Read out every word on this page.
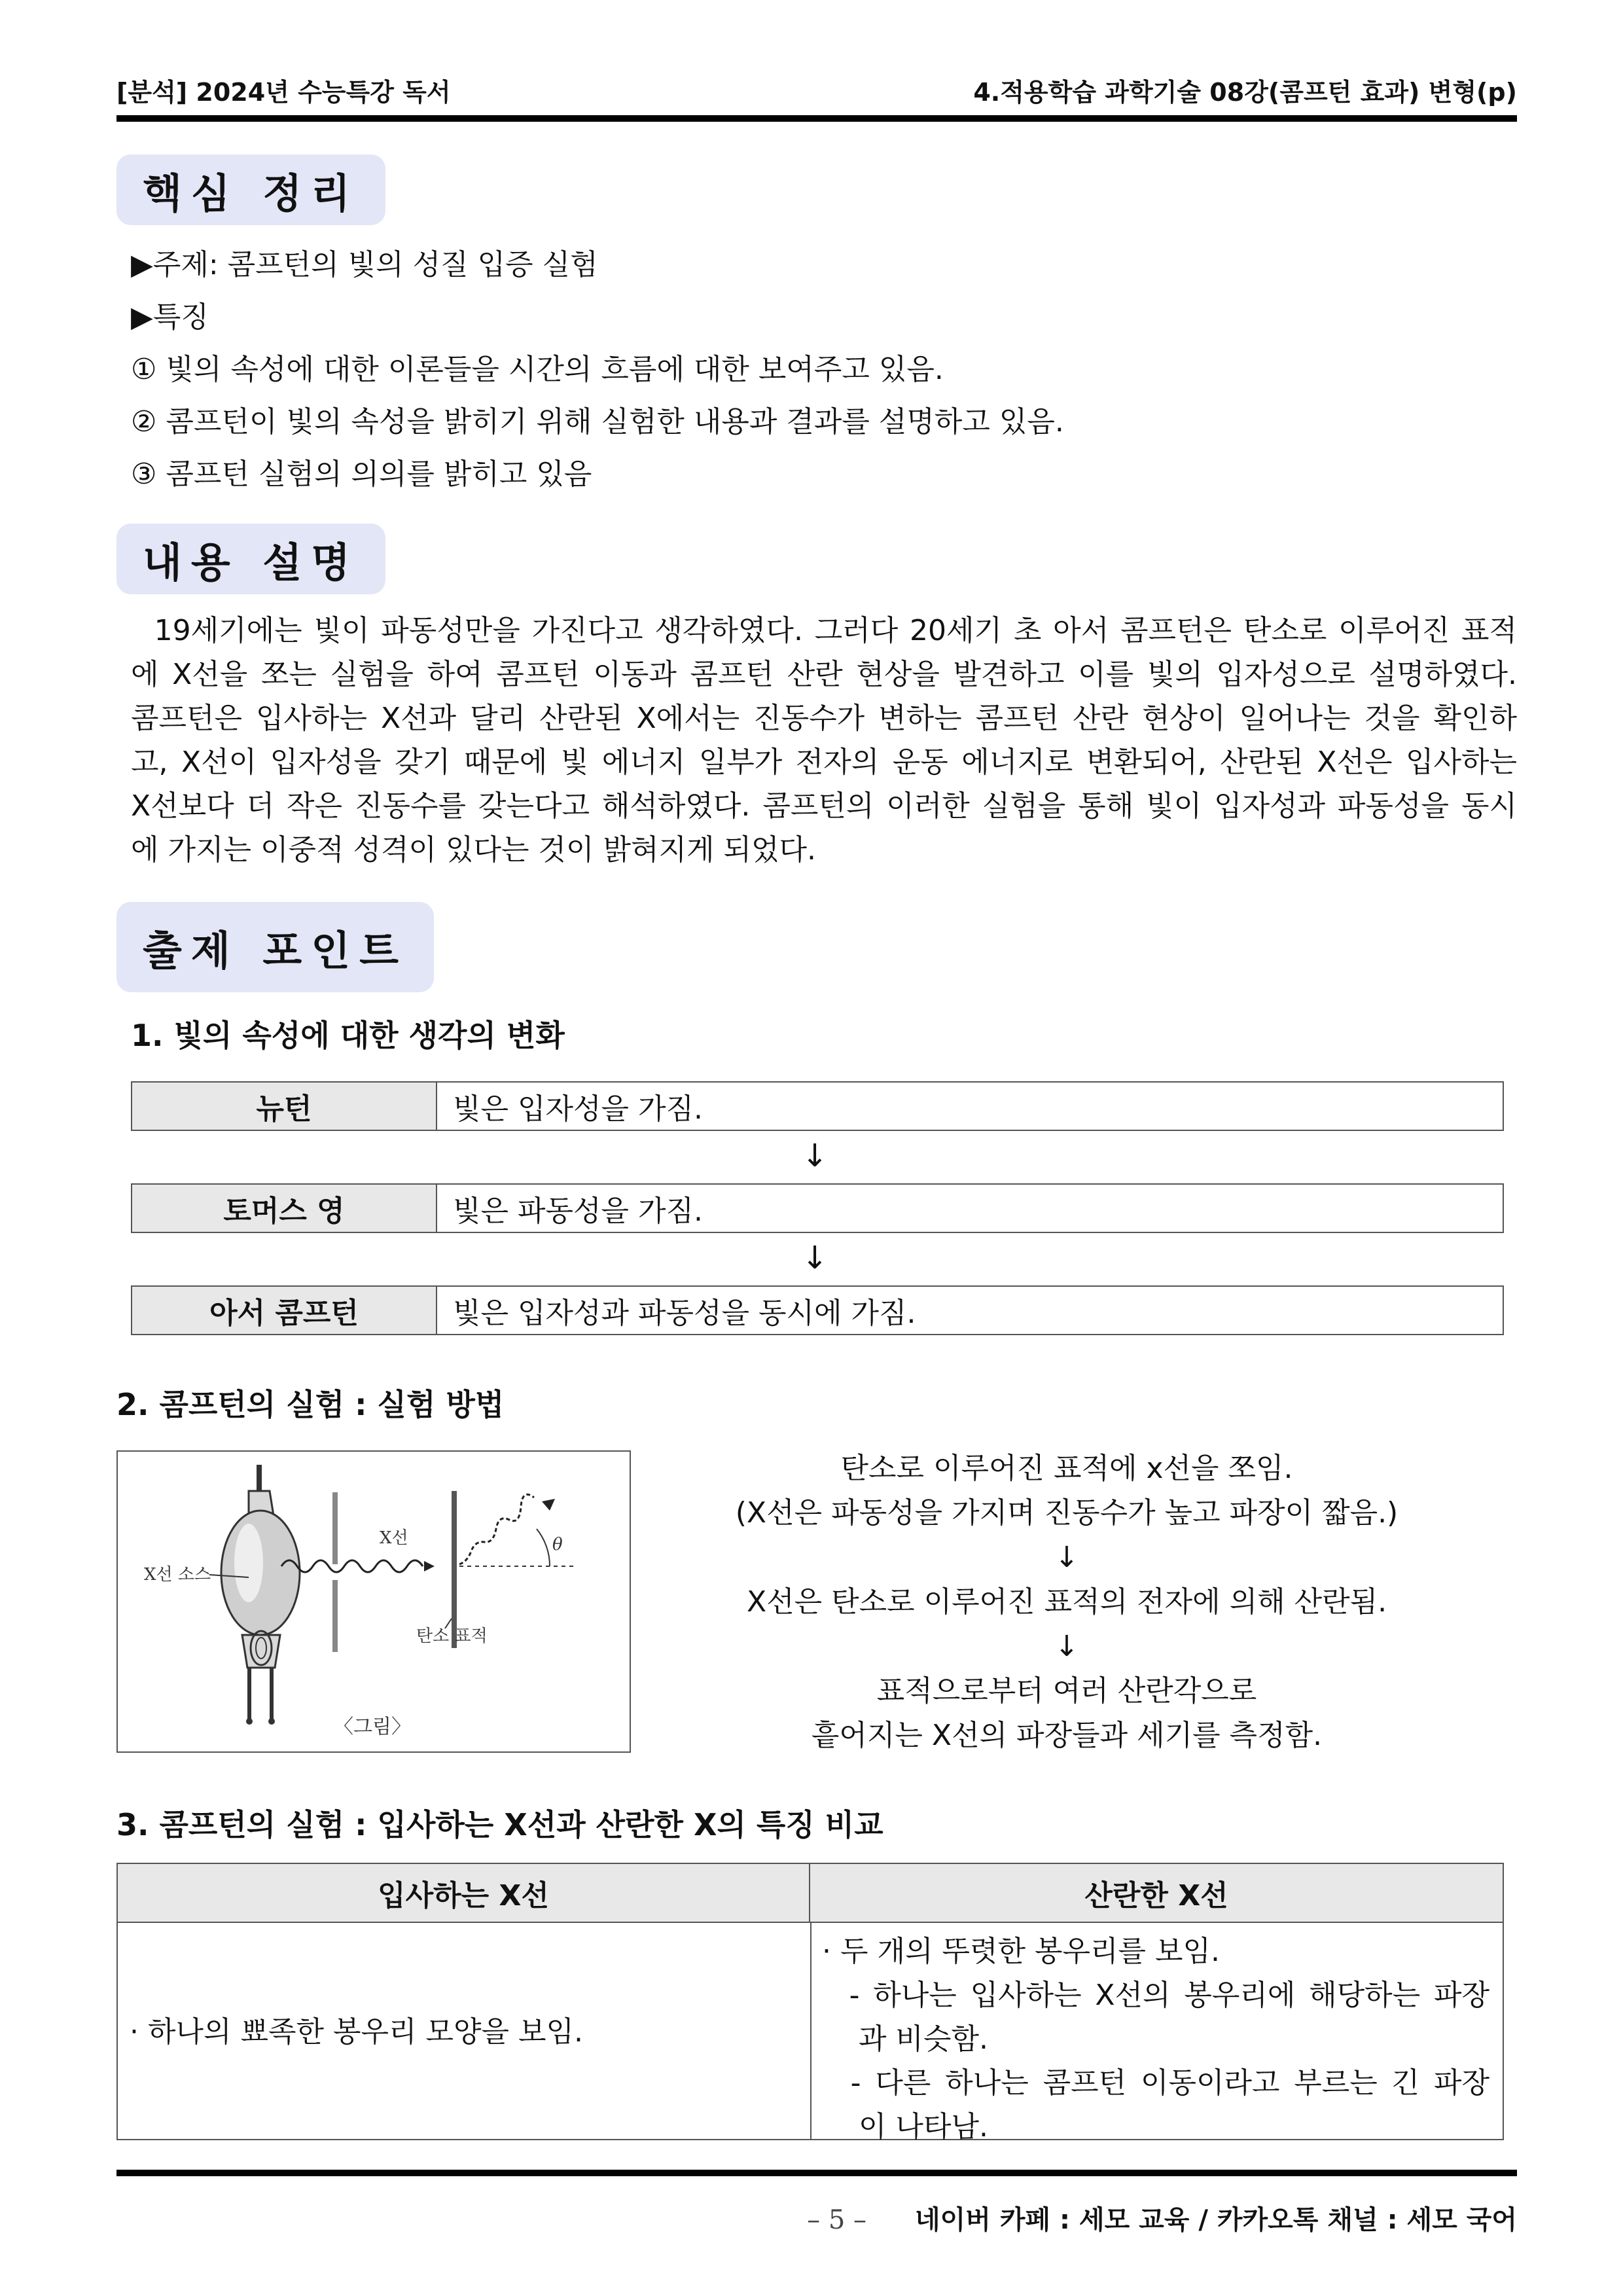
[분석] 2024년 수능특강 독서	4.적용학습 과학기술 08강(콤프턴 효과) 변형(p)
핵심 정리
▶주제: 콤프턴의 빛의 성질 입증 실험
▶특징
① 빛의 속성에 대한 이론들을 시간의 흐름에 대한 보여주고 있음.
② 콤프턴이 빛의 속성을 밝히기 위해 실험한 내용과 결과를 설명하고 있음.
③ 콤프턴 실험의 의의를 밝히고 있음
내용 설명
19세기에는 빛이 파동성만을 가진다고 생각하였다. 그러다 20세기 초 아서 콤프턴은 탄소로 이루어진 표적
에 X선을 쪼는 실험을 하여 콤프턴 이동과 콤프턴 산란 현상을 발견하고 이를 빛의 입자성으로 설명하였다.
콤프턴은 입사하는 X선과 달리 산란된 X에서는 진동수가 변하는 콤프턴 산란 현상이 일어나는 것을 확인하
고, X선이 입자성을 갖기 때문에 빛 에너지 일부가 전자의 운동 에너지로 변환되어, 산란된 X선은 입사하는
X선보다 더 작은 진동수를 갖는다고 해석하였다. 콤프턴의 이러한 실험을 통해 빛이 입자성과 파동성을 동시
에 가지는 이중적 성격이 있다는 것이 밝혀지게 되었다.
출제 포인트
1. 빛의 속성에 대한 생각의 변화
뉴턴	빛은 입자성을 가짐.
↓
토머스 영	빛은 파동성을 가짐.
↓
아서 콤프턴	빛은 입자성과 파동성을 동시에 가짐.
2. 콤프턴의 실험 : 실험 방법
X선 소스
X선
탄소 표적
θ
〈그림〉
탄소로 이루어진 표적에 x선을 쪼임.
(X선은 파동성을 가지며 진동수가 높고 파장이 짧음.)
↓
X선은 탄소로 이루어진 표적의 전자에 의해 산란됨.
↓
표적으로부터 여러 산란각으로
흩어지는 X선의 파장들과 세기를 측정함.
3. 콤프턴의 실험 : 입사하는 X선과 산란한 X의 특징 비교
입사하는 X선	산란한 X선
· 하나의 뾰족한 봉우리 모양을 보임.
· 두 개의 뚜렷한 봉우리를 보임.
- 하나는 입사하는 X선의 봉우리에 해당하는 파장
과 비슷함.
- 다른 하나는 콤프턴 이동이라고 부르는 긴 파장
이 나타남.
– 5 – 네이버 카페 : 세모 교육 / 카카오톡 채널 : 세모 국어
